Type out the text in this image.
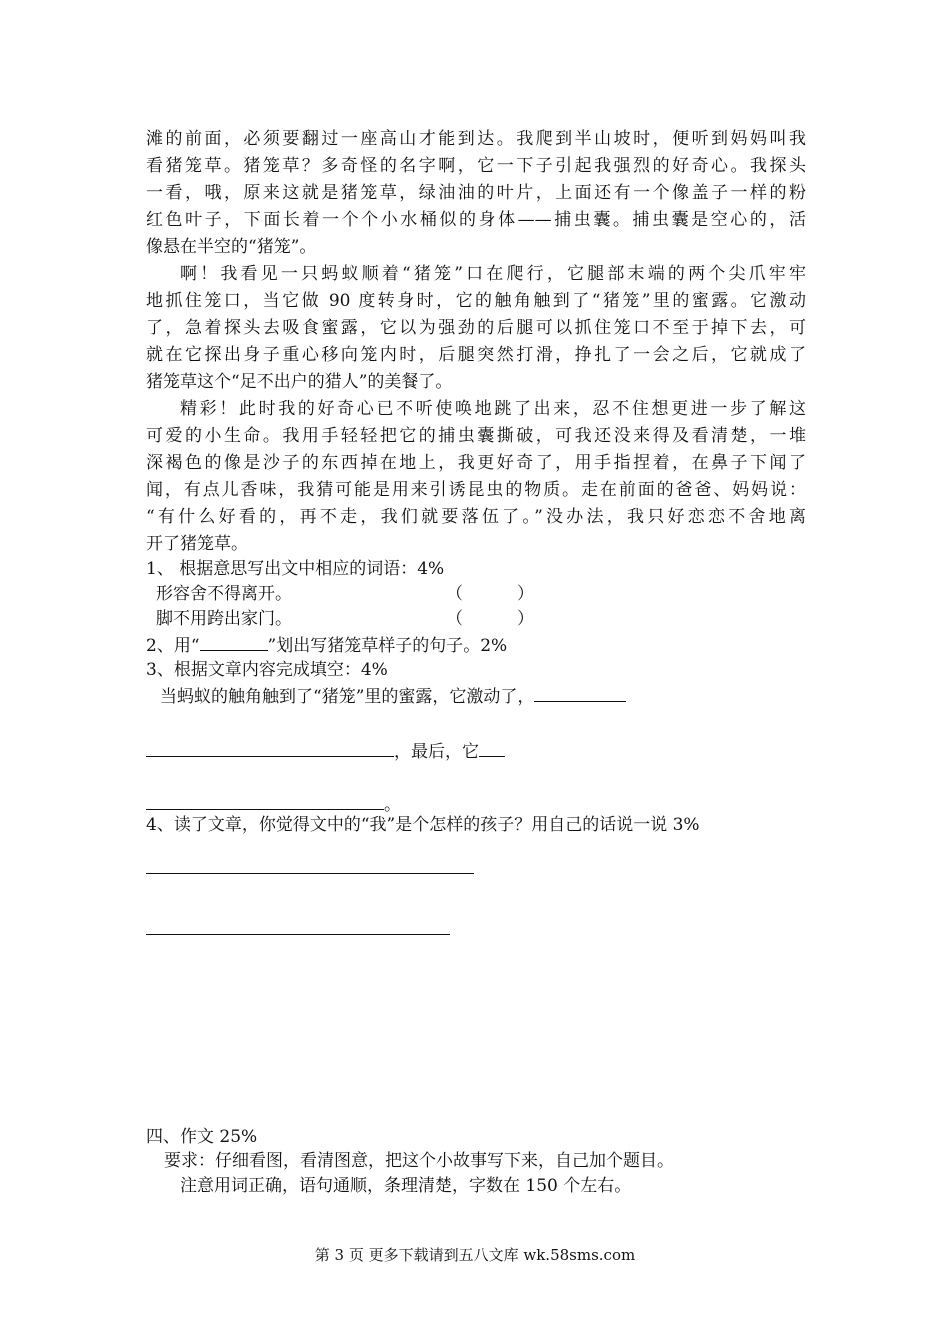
滩的前面，必须要翻过一座高山才能到达。我爬到半山坡时，便听到妈妈叫我
看猪笼草。猪笼草？多奇怪的名字啊，它一下子引起我强烈的好奇心。我探头
一看，哦，原来这就是猪笼草，绿油油的叶片，上面还有一个像盖子一样的粉
红色叶子，下面长着一个个小水桶似的身体——捕虫囊。捕虫囊是空心的，活
像悬在半空的“猪笼”。
啊！我看见一只蚂蚁顺着“猪笼”口在爬行，它腿部末端的两个尖爪牢牢
地抓住笼口，当它做 90 度转身时，它的触角触到了“猪笼”里的蜜露。它激动
了，急着探头去吸食蜜露，它以为强劲的后腿可以抓住笼口不至于掉下去，可
就在它探出身子重心移向笼内时，后腿突然打滑，挣扎了一会之后，它就成了
猪笼草这个“足不出户的猎人”的美餐了。
精彩！此时我的好奇心已不听使唤地跳了出来，忍不住想更进一步了解这
可爱的小生命。我用手轻轻把它的捕虫囊撕破，可我还没来得及看清楚，一堆
深褐色的像是沙子的东西掉在地上，我更好奇了，用手指捏着，在鼻子下闻了
闻，有点儿香味，我猜可能是用来引诱昆虫的物质。走在前面的爸爸、妈妈说：
“有什么好看的，再不走，我们就要落伍了。”没办法，我只好恋恋不舍地离
开了猪笼草。
1、 根据意思写出文中相应的词语：4%
形容舍不得离开。	（	）
脚不用跨出家门。	（	）
2、用“	”划出写猪笼草样子的句子。2%
3、根据文章内容完成填空：4%
当蚂蚁的触角触到了“猪笼”里的蜜露，它激动了，
，最后，它
。
4、读了文章，你觉得文中的“我”是个怎样的孩子？用自己的话说一说 3%
四、作文 25%
要求：仔细看图，看清图意，把这个小故事写下来，自己加个题目。
注意用词正确，语句通顺，条理清楚，字数在 150 个左右。
第 3 页 更多下载请到五八文库 wk.58sms.com
